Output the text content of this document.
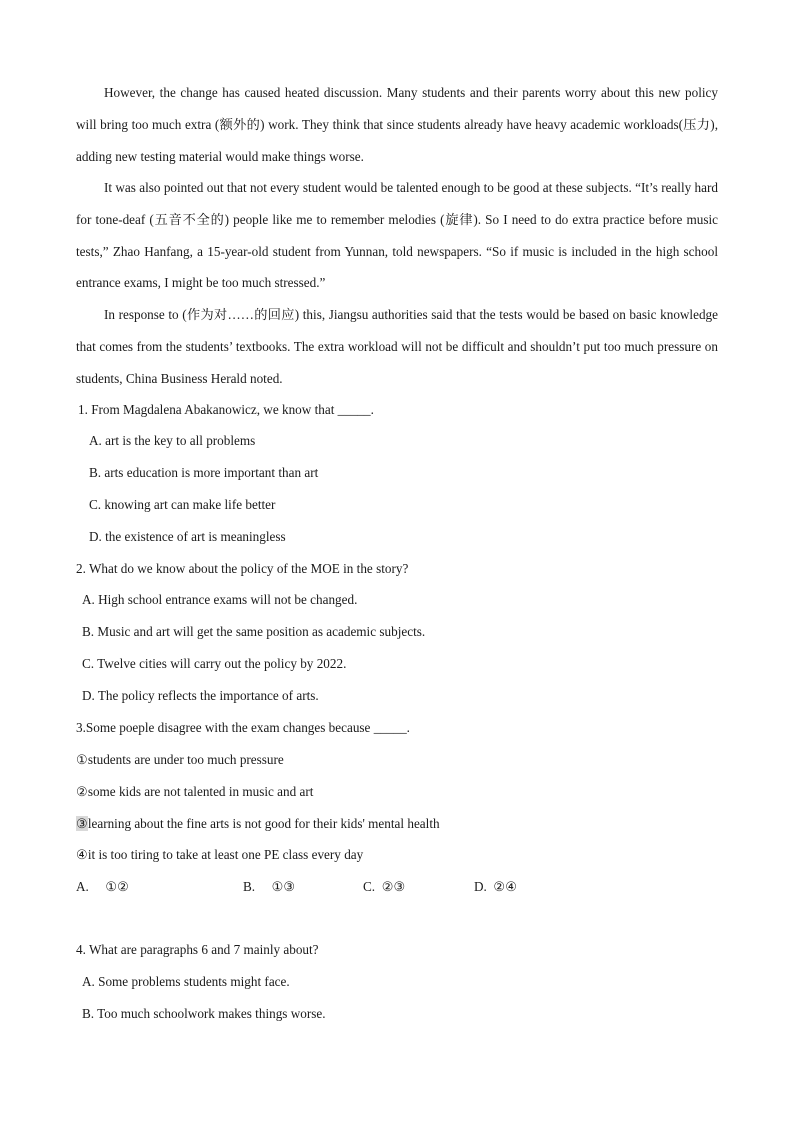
However, the change has caused heated discussion. Many students and their parents worry about this new policy will bring too much extra (额外的) work. They think that since students already have heavy academic workloads(压力), adding new testing material would make things worse.

It was also pointed out that not every student would be talented enough to be good at these subjects. “It’s really hard for tone-deaf (五音不全的) people like me to remember melodies (旋律). So I need to do extra practice before music tests,” Zhao Hanfang, a 15-year-old student from Yunnan, told newspapers. “So if music is included in the high school entrance exams, I might be too much stressed.”

In response to (作为对……的回应) this, Jiangsu authorities said that the tests would be based on basic knowledge that comes from the students’ textbooks. The extra workload will not be difficult and shouldn’t put too much pressure on students, China Business Herald noted.

1. From Magdalena Abakanowicz, we know that _____.
A. art is the key to all problems
B. arts education is more important than art
C. knowing art can make life better
D. the existence of art is meaningless
2. What do we know about the policy of the MOE in the story?
A. High school entrance exams will not be changed.
B. Music and art will get the same position as academic subjects.
C. Twelve cities will carry out the policy by 2022.
D. The policy reflects the importance of arts.
3.Some poeple disagree with the exam changes because _____.
①students are under too much pressure
②some kids are not talented in music and art
③learning about the fine arts is not good for their kids' mental health
④it is too tiring to take at least one PE class every day
A. ①②	B. ①③	C. ②③	D. ②④
4. What are paragraphs 6 and 7 mainly about?
A. Some problems students might face.
B. Too much schoolwork makes things worse.
